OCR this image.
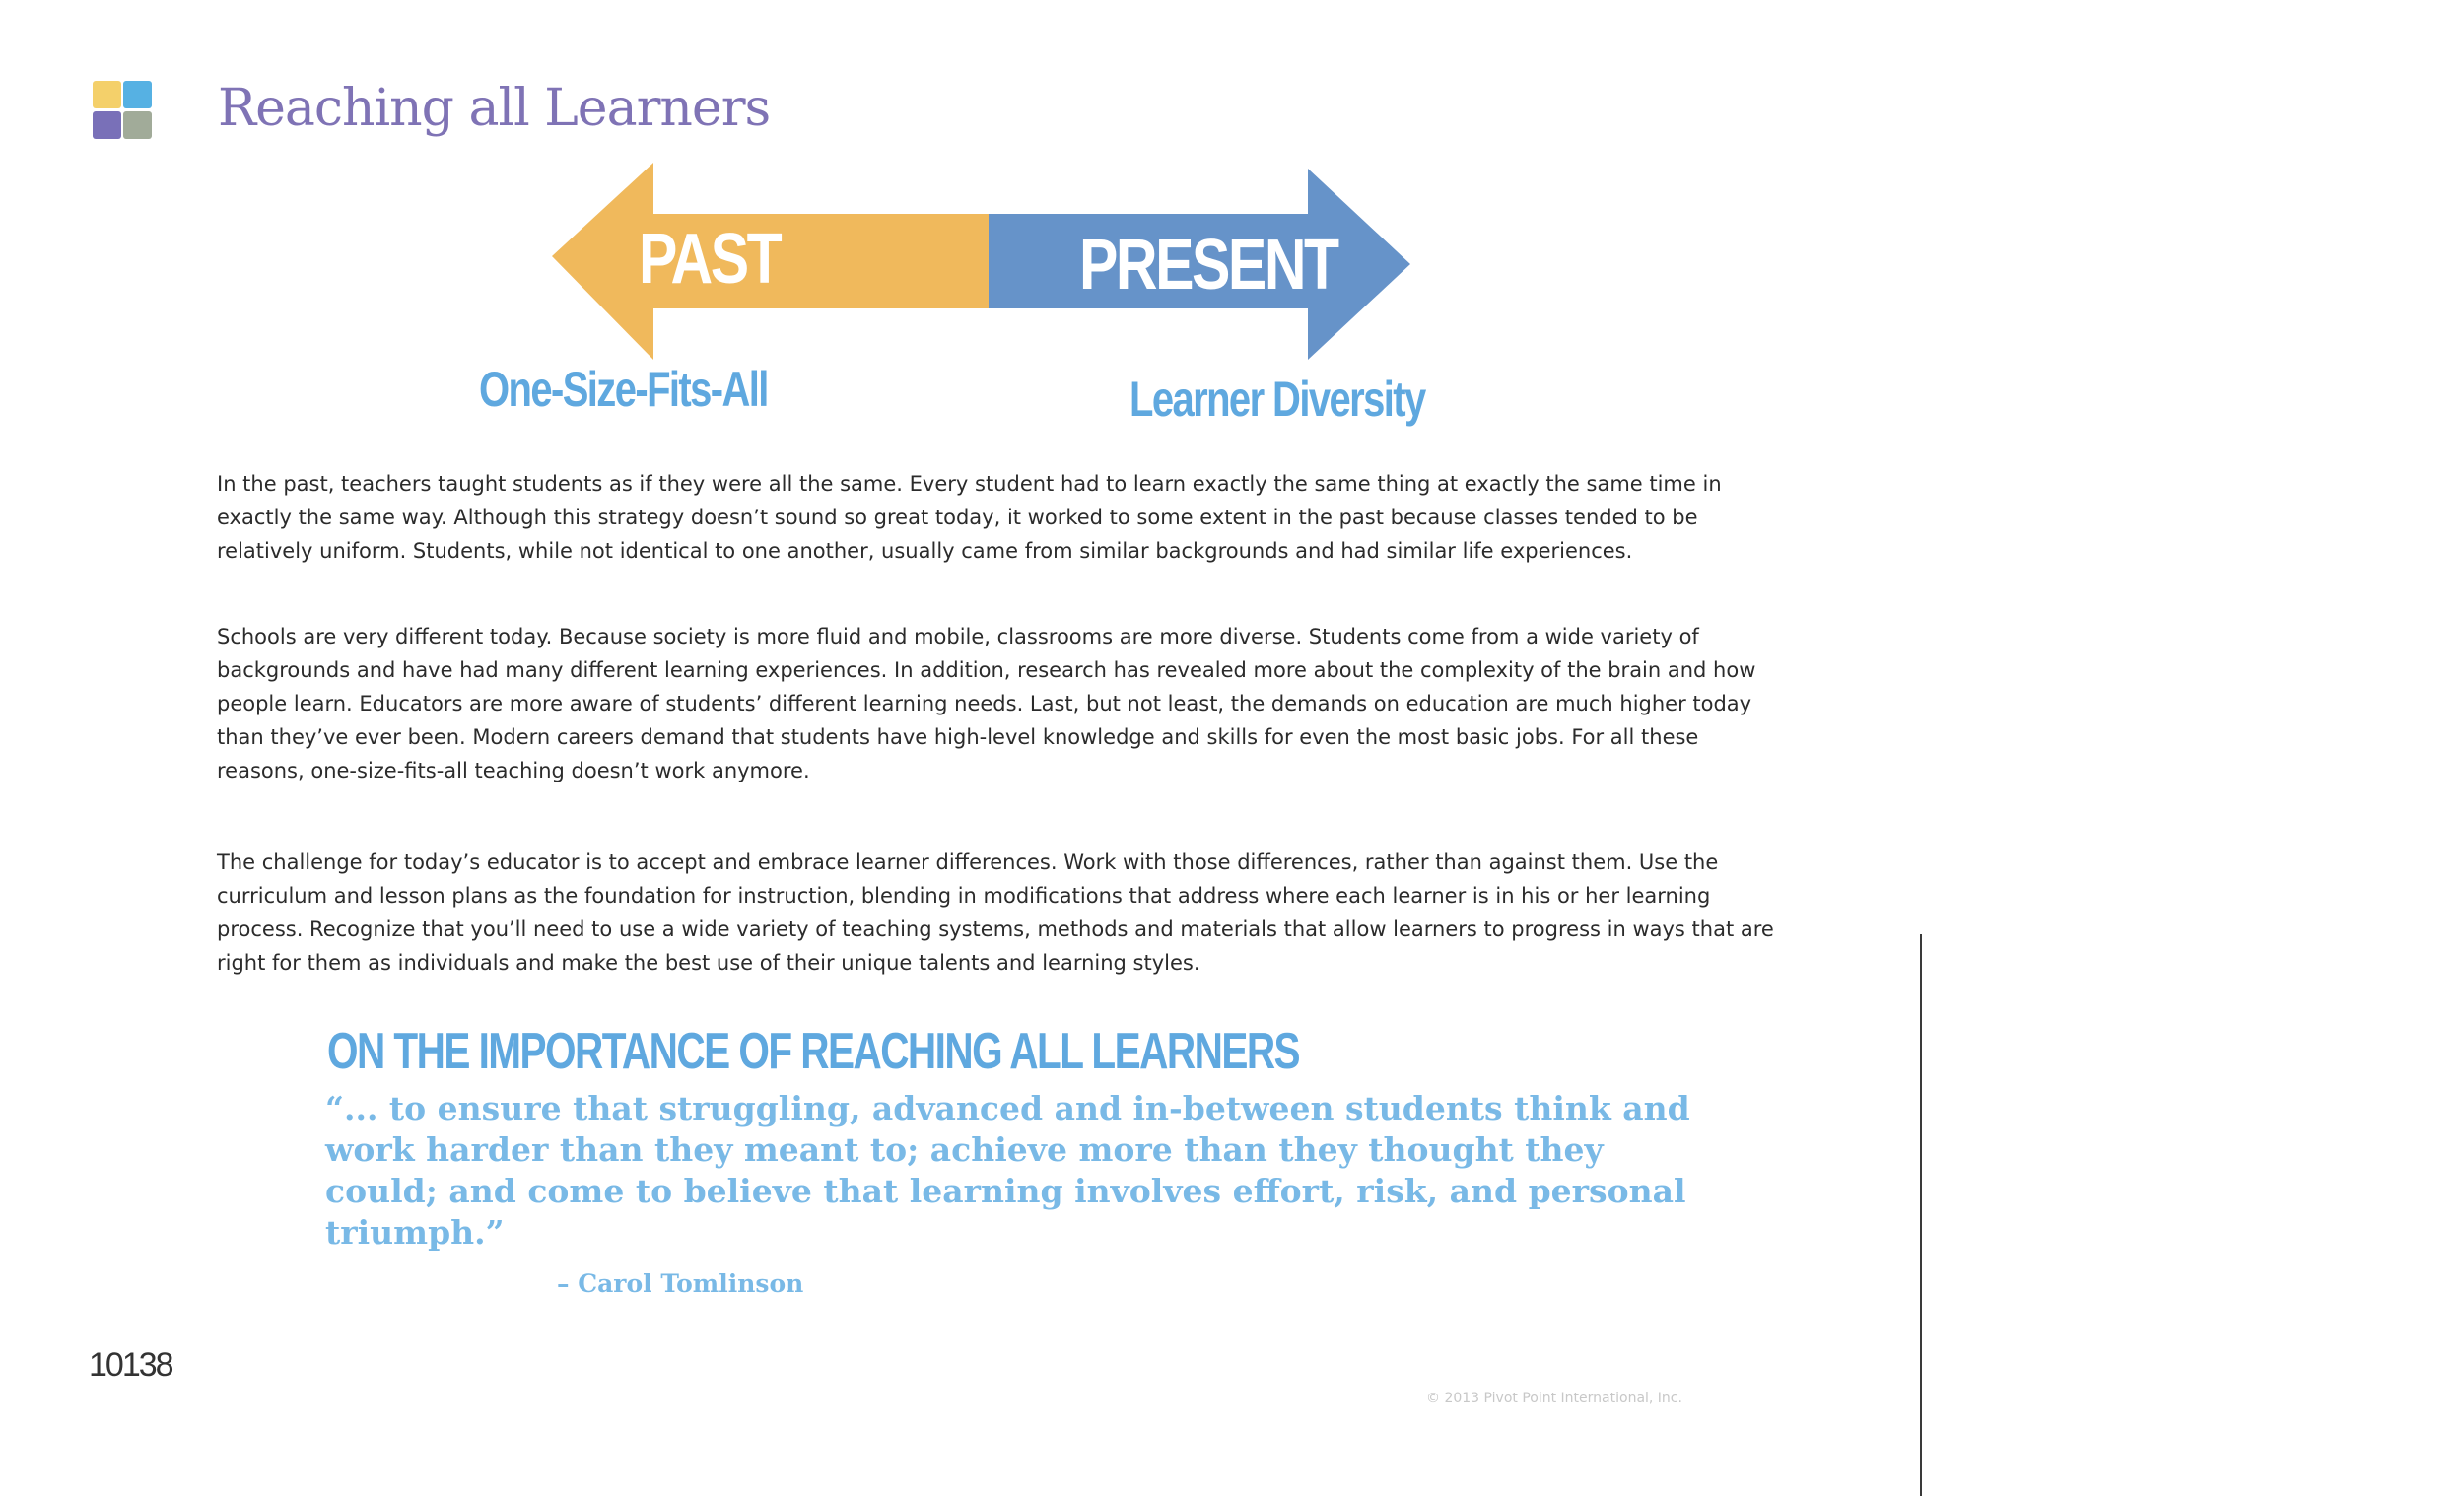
Reaching all Learners
PAST	PRESENT
One-Size-Fits-All	Learner Diversity

In the past, teachers taught students as if they were all the same. Every student had to learn exactly the same thing at exactly the same time in exactly the same way. Although this strategy doesn’t sound so great today, it worked to some extent in the past because classes tended to be relatively uniform. Students, while not identical to one another, usually came from similar backgrounds and had similar life experiences.

Schools are very different today. Because society is more fluid and mobile, classrooms are more diverse. Students come from a wide variety of backgrounds and have had many different learning experiences. In addition, research has revealed more about the complexity of the brain and how people learn. Educators are more aware of students’ different learning needs. Last, but not least, the demands on education are much higher today than they’ve ever been. Modern careers demand that students have high-level knowledge and skills for even the most basic jobs. For all these reasons, one-size-fits-all teaching doesn’t work anymore.

The challenge for today’s educator is to accept and embrace learner differences. Work with those differences, rather than against them. Use the curriculum and lesson plans as the foundation for instruction, blending in modifications that address where each learner is in his or her learning process. Recognize that you’ll need to use a wide variety of teaching systems, methods and materials that allow learners to progress in ways that are right for them as individuals and make the best use of their unique talents and learning styles.

ON THE IMPORTANCE OF REACHING ALL LEARNERS

“... to ensure that struggling, advanced and in-between students think and work harder than they meant to; achieve more than they thought they could; and come to believe that learning involves effort, risk, and personal triumph.”

– Carol Tomlinson
10138
© 2013 Pivot Point International, Inc.
